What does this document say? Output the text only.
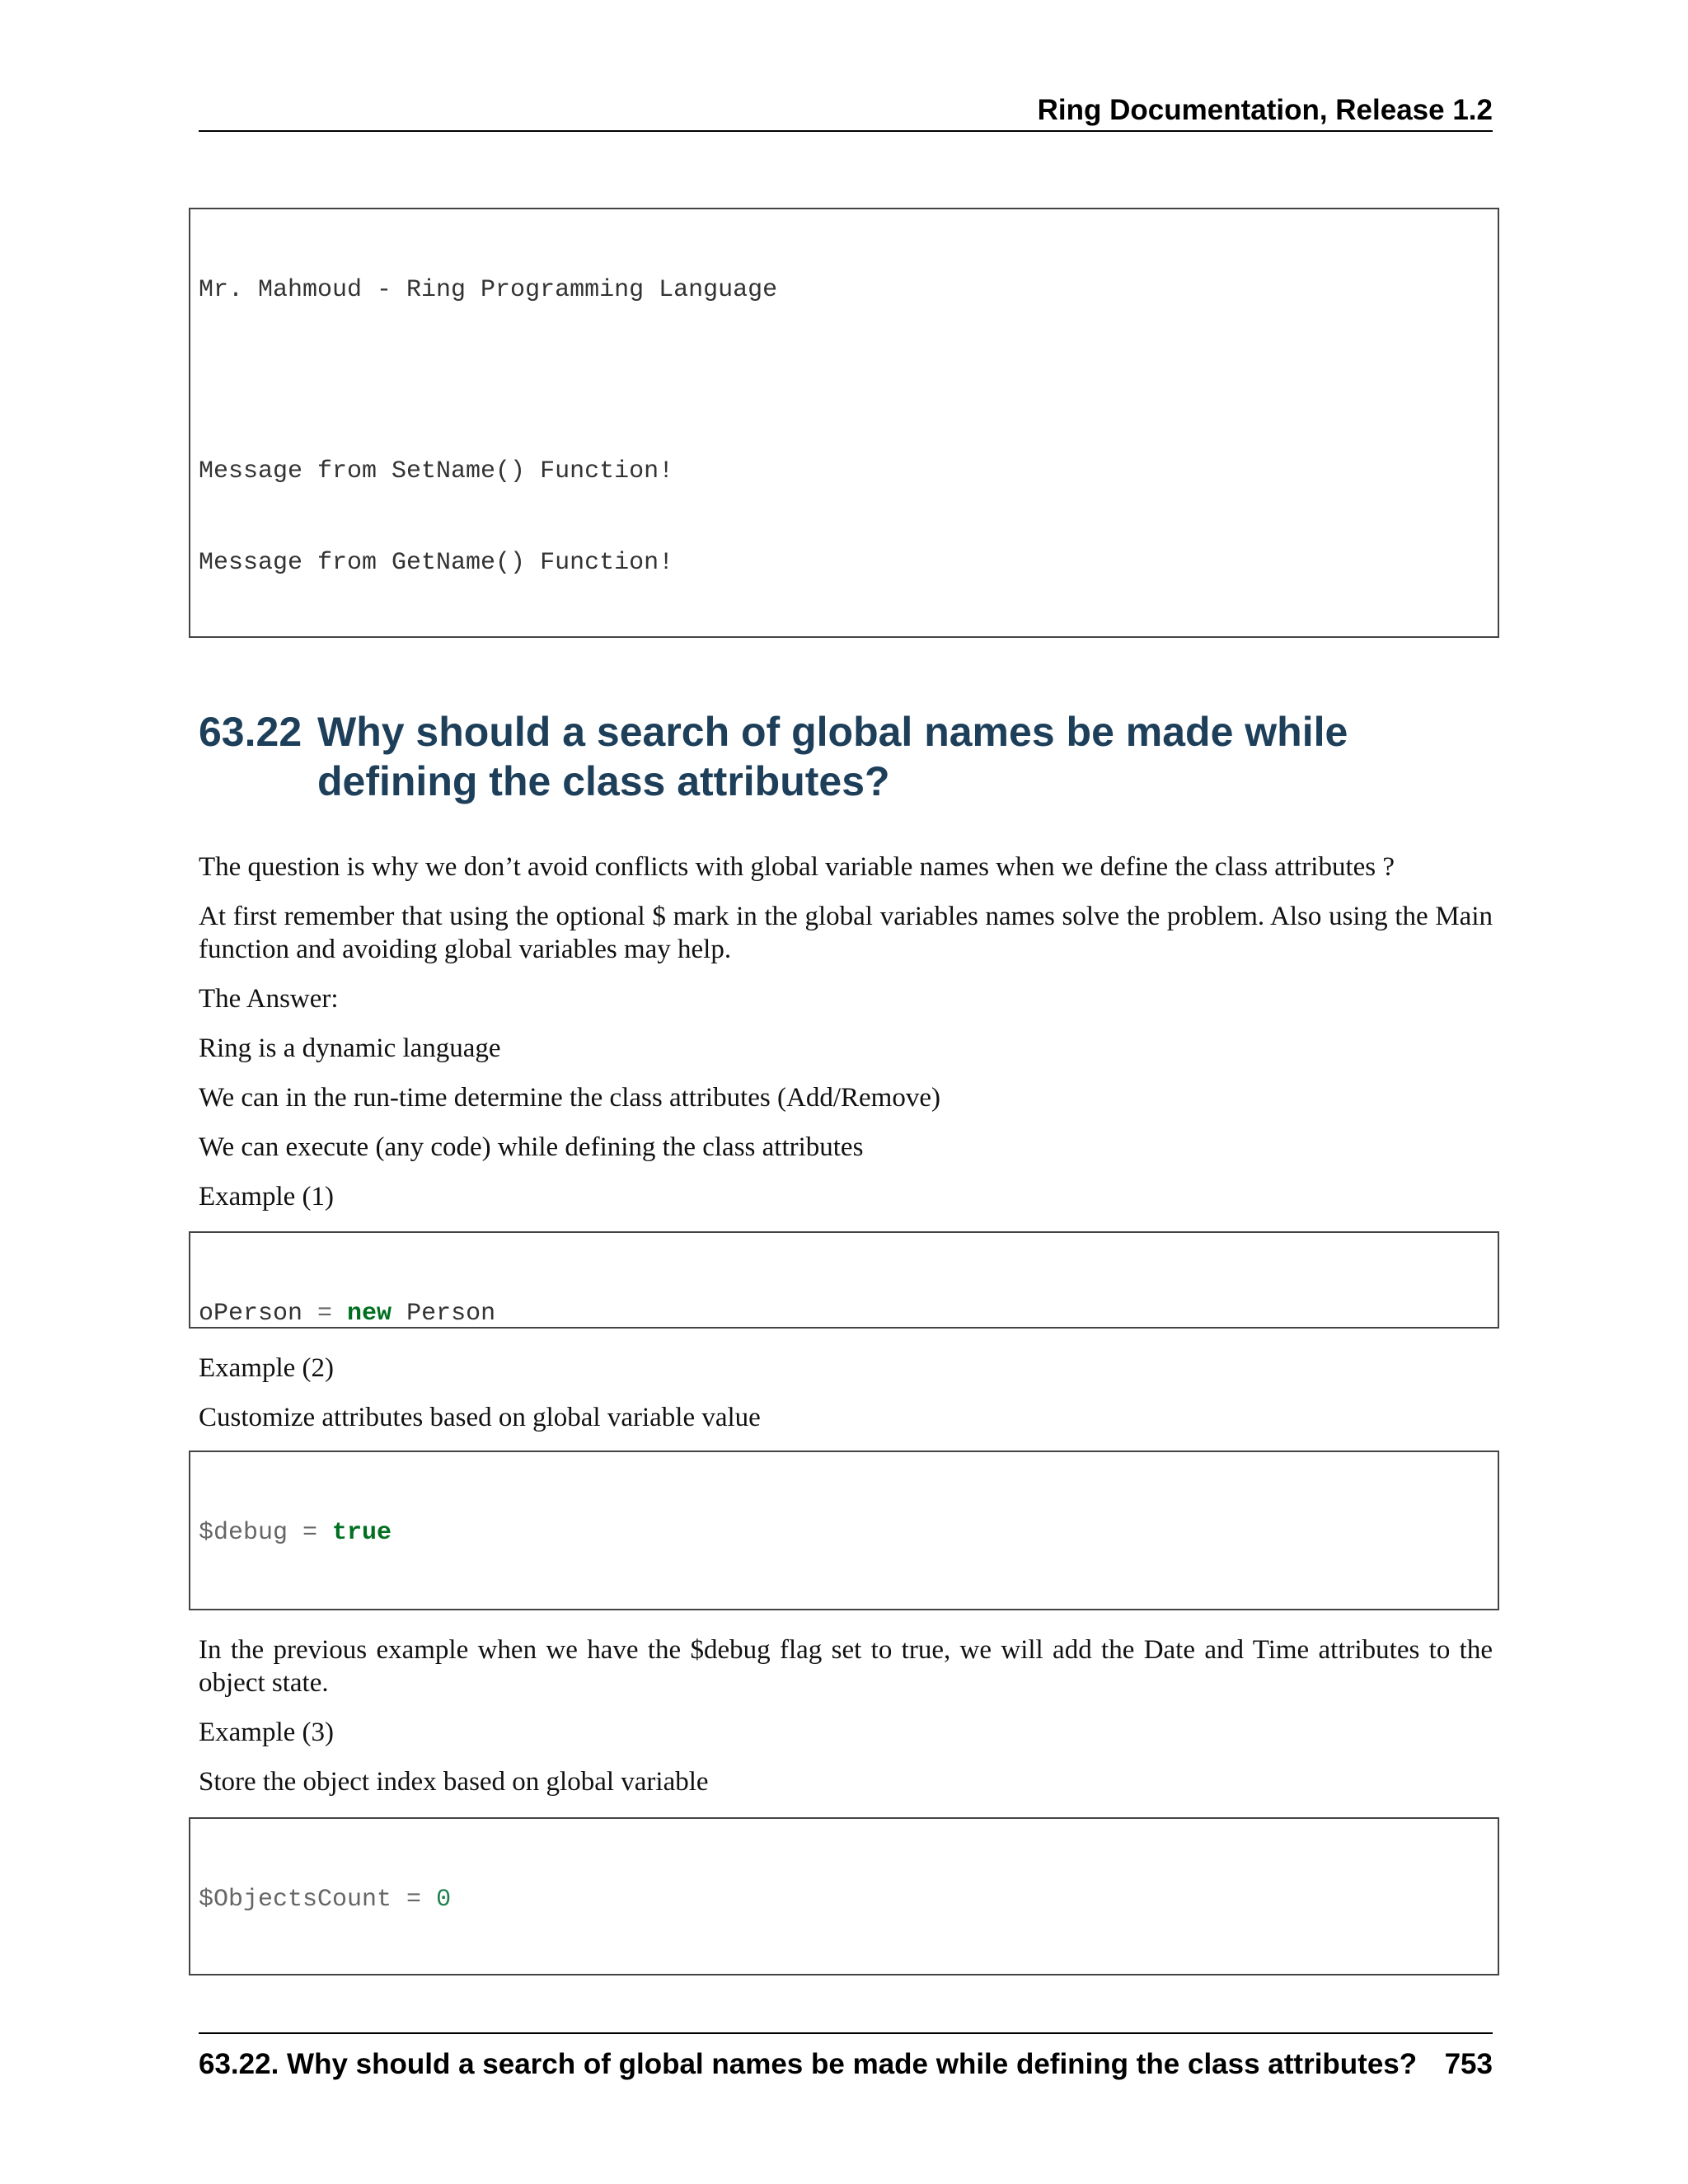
Ring Documentation, Release 1.2

Mr. Mahmoud - Ring Programming Language

Message from SetName() Function!

Message from GetName() Function!

63.22 Why should a search of global names be made while defining the class attributes?
The question is why we don’t avoid conflicts with global variable names when we define the class attributes ?
At first remember that using the optional $ mark in the global variables names solve the problem. Also using the Main function and avoiding global variables may help.
The Answer:
Ring is a dynamic language
We can in the run-time determine the class attributes (Add/Remove)
We can execute (any code) while defining the class attributes
Example (1)

oPerson = new Person

Example (2)
Customize attributes based on global variable value

$debug = true

In the previous example when we have the $debug flag set to true, we will add the Date and Time attributes to the object state.
Example (3)
Store the object index based on global variable

$ObjectsCount = 0

63.22. Why should a search of global names be made while defining the class attributes? 753
